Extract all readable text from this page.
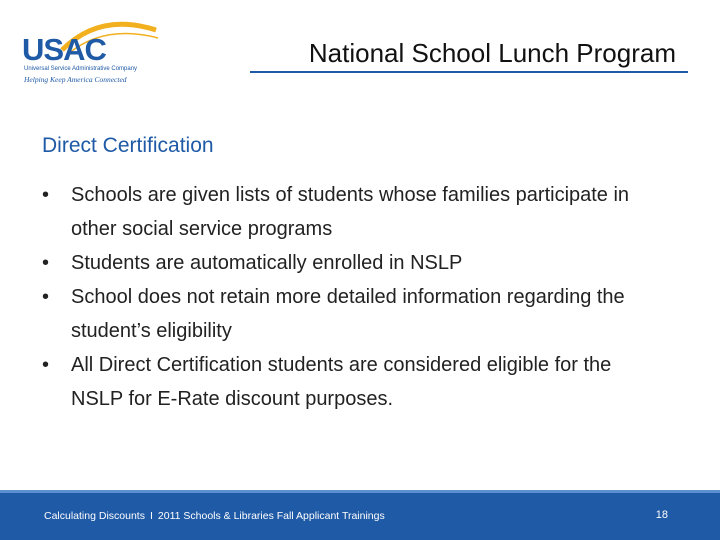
USAC
Universal Service Administrative Company
Helping Keep America Connected
National School Lunch Program
Direct Certification
• Schools are given lists of students whose families participate in other social service programs
• Students are automatically enrolled in NSLP
• School does not retain more detailed information regarding the student’s eligibility
• All Direct Certification students are considered eligible for the NSLP for E-Rate discount purposes.
Calculating Discounts I 2011 Schools & Libraries Fall Applicant Trainings	18
